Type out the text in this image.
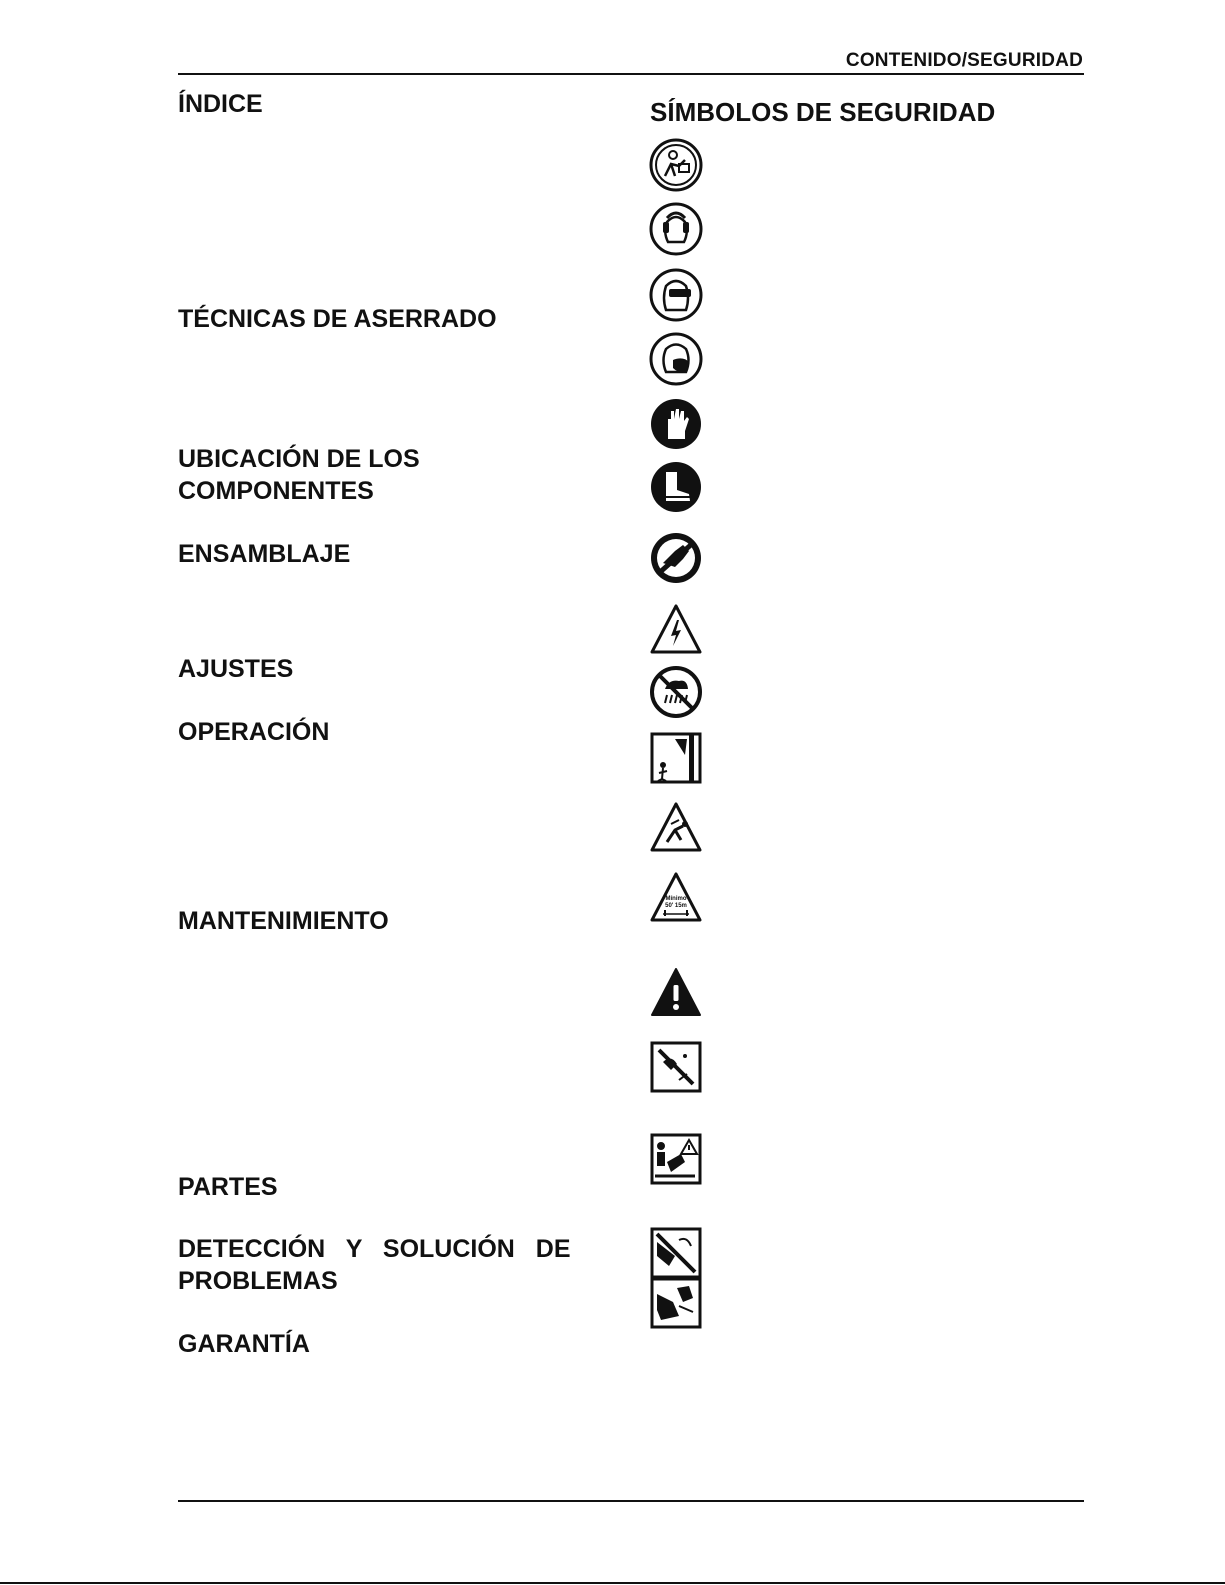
CONTENIDO/SEGURIDAD
ÍNDICE
TÉCNICAS DE ASERRADO
UBICACIÓN DE LOS COMPONENTES
ENSAMBLAJE
AJUSTES
OPERACIÓN
MANTENIMIENTO
PARTES
DETECCIÓN Y SOLUCIÓN DE PROBLEMAS
GARANTÍA
SÍMBOLOS DE SEGURIDAD
Mínimo
50' 15m
